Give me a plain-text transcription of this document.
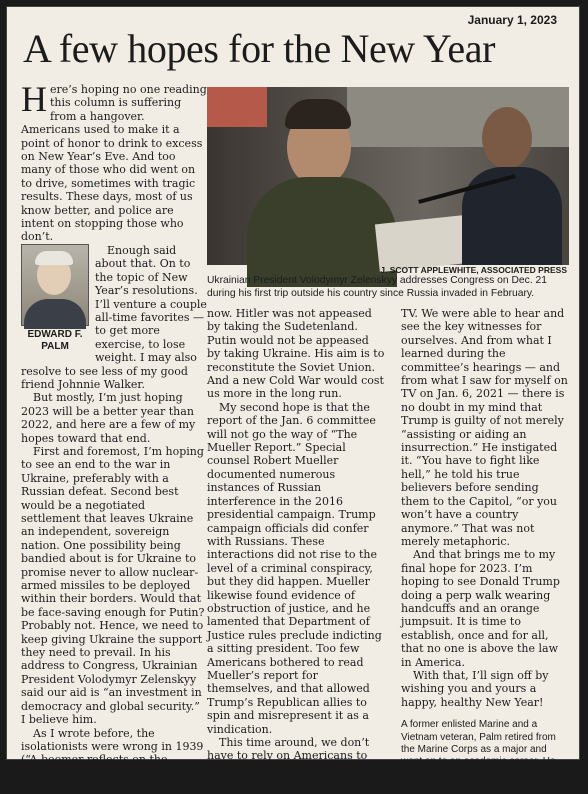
January 1, 2023
A few hopes for the New Year

Here’s hoping no one reading this column is suffering from a hangover. Americans used to make it a point of honor to drink to excess on New Year’s Eve. And too many of those who did went on to drive, sometimes with tragic results. These days, most of us know better, and police are intent on stopping those who don’t.

EDWARD F. PALM

Enough said about that. On to the topic of New Year’s resolutions. I’ll venture a couple all-time favorites — to get more exercise, to lose weight. I may also resolve to see less of my good friend Johnnie Walker.

But mostly, I’m just hoping 2023 will be a better year than 2022, and here are a few of my hopes toward that end.

First and foremost, I’m hoping to see an end to the war in Ukraine, preferably with a Russian defeat. Second best would be a negotiated settlement that leaves Ukraine an independent, sovereign nation. One possibility being bandied about is for Ukraine to promise never to allow nuclear-armed missiles to be deployed within their borders. Would that be face-saving enough for Putin? Probably not. Hence, we need to keep giving Ukraine the support they need to prevail. In his address to Congress, Ukrainian President Volodymyr Zelenskyy said our aid is “an investment in democracy and global security.” I believe him.

As I wrote before, the isolationists were wrong in 1939 (“A boomer reflects on the Ukraine crisis,” Feb. 27). They are wrong

J. SCOTT APPLEWHITE, ASSOCIATED PRESS
Ukrainian President Volodymyr Zelenskyy addresses Congress on Dec. 21 during his first trip outside his country since Russia invaded in February.

now. Hitler was not appeased by taking the Sudetenland. Putin would not be appeased by taking Ukraine. His aim is to reconstitute the Soviet Union. And a new Cold War would cost us more in the long run.

My second hope is that the report of the Jan. 6 committee will not go the way of “The Mueller Report.” Special counsel Robert Mueller documented numerous instances of Russian interference in the 2016 presidential campaign. Trump campaign officials did confer with Russians. These interactions did not rise to the level of a criminal conspiracy, but they did happen. Mueller likewise found evidence of obstruction of justice, and he lamented that Department of Justice rules preclude indicting a sitting president. Too few Americans bothered to read Mueller’s report for themselves, and that allowed Trump’s Republican allies to spin and misrepresent it as a vindication.

This time around, we don’t have to rely on Americans to read a lengthy report. The Jan. 6 committee laid it all out on

TV. We were able to hear and see the key witnesses for ourselves. And from what I learned during the committee’s hearings — and from what I saw for myself on TV on Jan. 6, 2021 — there is no doubt in my mind that Trump is guilty of not merely “assisting or aiding an insurrection.” He instigated it. “You have to fight like hell,” he told his true believers before sending them to the Capitol, “or you won’t have a country anymore.” That was not merely metaphoric.

And that brings me to my final hope for 2023. I’m hoping to see Donald Trump doing a perp walk wearing handcuffs and an orange jumpsuit. It is time to establish, once and for all, that no one is above the law in America.

With that, I’ll sign off by wishing you and yours a happy, healthy New Year!

A former enlisted Marine and a Vietnam veteran, Palm retired from the Marine Corps as a major and went on to an academic career. He lives in Forest and can be contacted at majorpalm@gmail.com.
